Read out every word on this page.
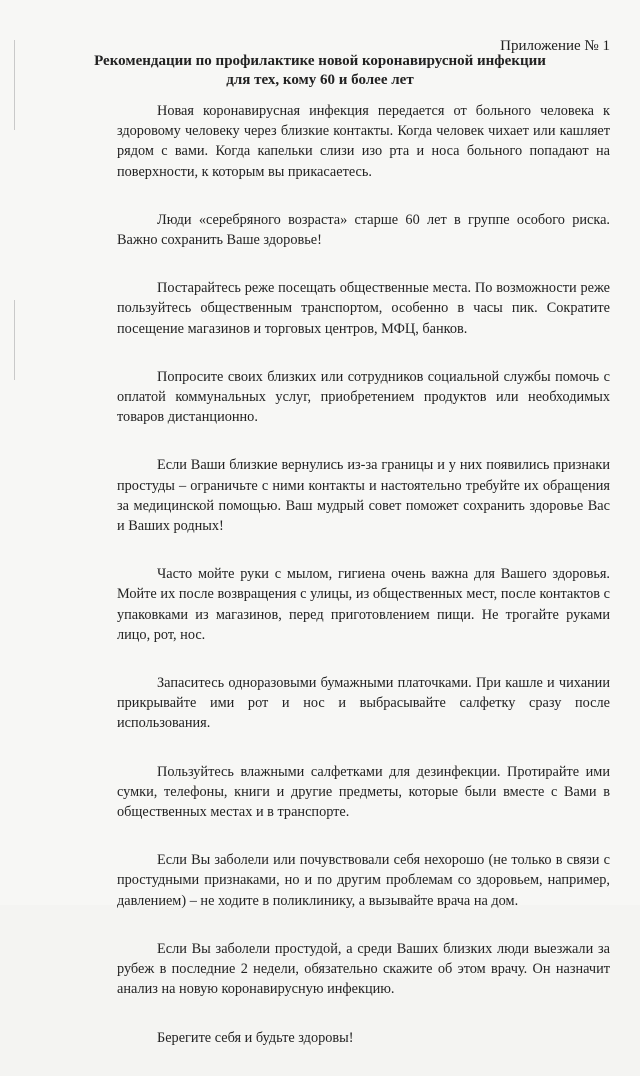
Приложение № 1
Рекомендации по профилактике новой коронавирусной инфекции
для тех, кому 60 и более лет

Новая коронавирусная инфекция передается от больного человека к здоровому человеку через близкие контакты. Когда человек чихает или кашляет рядом с вами. Когда капельки слизи изо рта и носа больного попадают на поверхности, к которым вы прикасаетесь.

Люди «серебряного возраста» старше 60 лет в группе особого риска. Важно сохранить Ваше здоровье!

Постарайтесь реже посещать общественные места. По возможности реже пользуйтесь общественным транспортом, особенно в часы пик. Сократите посещение магазинов и торговых центров, МФЦ, банков.

Попросите своих близких или сотрудников социальной службы помочь с оплатой коммунальных услуг, приобретением продуктов или необходимых товаров дистанционно.

Если Ваши близкие вернулись из-за границы и у них появились признаки простуды – ограничьте с ними контакты и настоятельно требуйте их обращения за медицинской помощью. Ваш мудрый совет поможет сохранить здоровье Вас и Ваших родных!

Часто мойте руки с мылом, гигиена очень важна для Вашего здоровья. Мойте их после возвращения с улицы, из общественных мест, после контактов с упаковками из магазинов, перед приготовлением пищи. Не трогайте руками лицо, рот, нос.

Запаситесь одноразовыми бумажными платочками. При кашле и чихании прикрывайте ими рот и нос и выбрасывайте салфетку сразу после использования.

Пользуйтесь влажными салфетками для дезинфекции. Протирайте ими сумки, телефоны, книги и другие предметы, которые были вместе с Вами в общественных местах и в транспорте.

Если Вы заболели или почувствовали себя нехорошо (не только в связи с простудными признаками, но и по другим проблемам со здоровьем, например, давлением) – не ходите в поликлинику, а вызывайте врача на дом.

Если Вы заболели простудой, а среди Ваших близких люди выезжали за рубеж в последние 2 недели, обязательно скажите об этом врачу. Он назначит анализ на новую коронавирусную инфекцию.

Берегите себя и будьте здоровы!
